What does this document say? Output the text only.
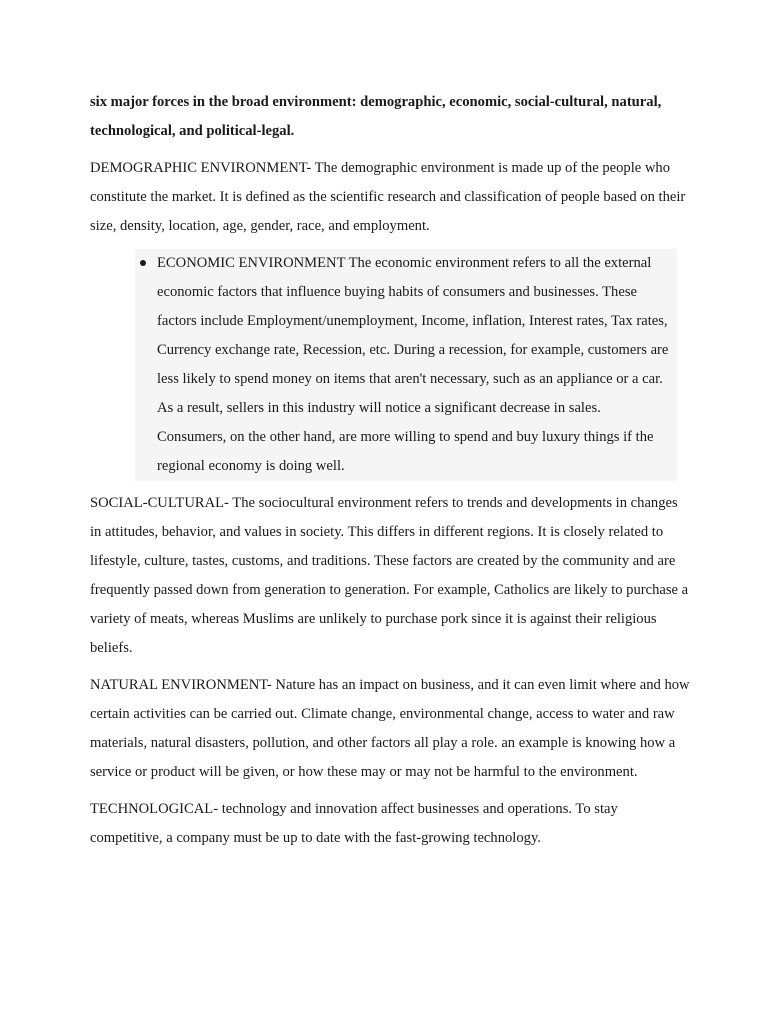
six major forces in the broad environment: demographic, economic, social-cultural, natural, technological, and political-legal.

DEMOGRAPHIC ENVIRONMENT- The demographic environment is made up of the people who constitute the market. It is defined as the scientific research and classification of people based on their size, density, location, age, gender, race, and employment.

ECONOMIC ENVIRONMENT The economic environment refers to all the external economic factors that influence buying habits of consumers and businesses. These factors include Employment/unemployment, Income, inflation, Interest rates, Tax rates, Currency exchange rate, Recession, etc. During a recession, for example, customers are less likely to spend money on items that aren't necessary, such as an appliance or a car. As a result, sellers in this industry will notice a significant decrease in sales. Consumers, on the other hand, are more willing to spend and buy luxury things if the regional economy is doing well.

SOCIAL-CULTURAL- The sociocultural environment refers to trends and developments in changes in attitudes, behavior, and values in society. This differs in different regions. It is closely related to lifestyle, culture, tastes, customs, and traditions. These factors are created by the community and are frequently passed down from generation to generation. For example, Catholics are likely to purchase a variety of meats, whereas Muslims are unlikely to purchase pork since it is against their religious beliefs.

NATURAL ENVIRONMENT- Nature has an impact on business, and it can even limit where and how certain activities can be carried out. Climate change, environmental change, access to water and raw materials, natural disasters, pollution, and other factors all play a role. an example is knowing how a service or product will be given, or how these may or may not be harmful to the environment.

TECHNOLOGICAL- technology and innovation affect businesses and operations. To stay competitive, a company must be up to date with the fast-growing technology.
